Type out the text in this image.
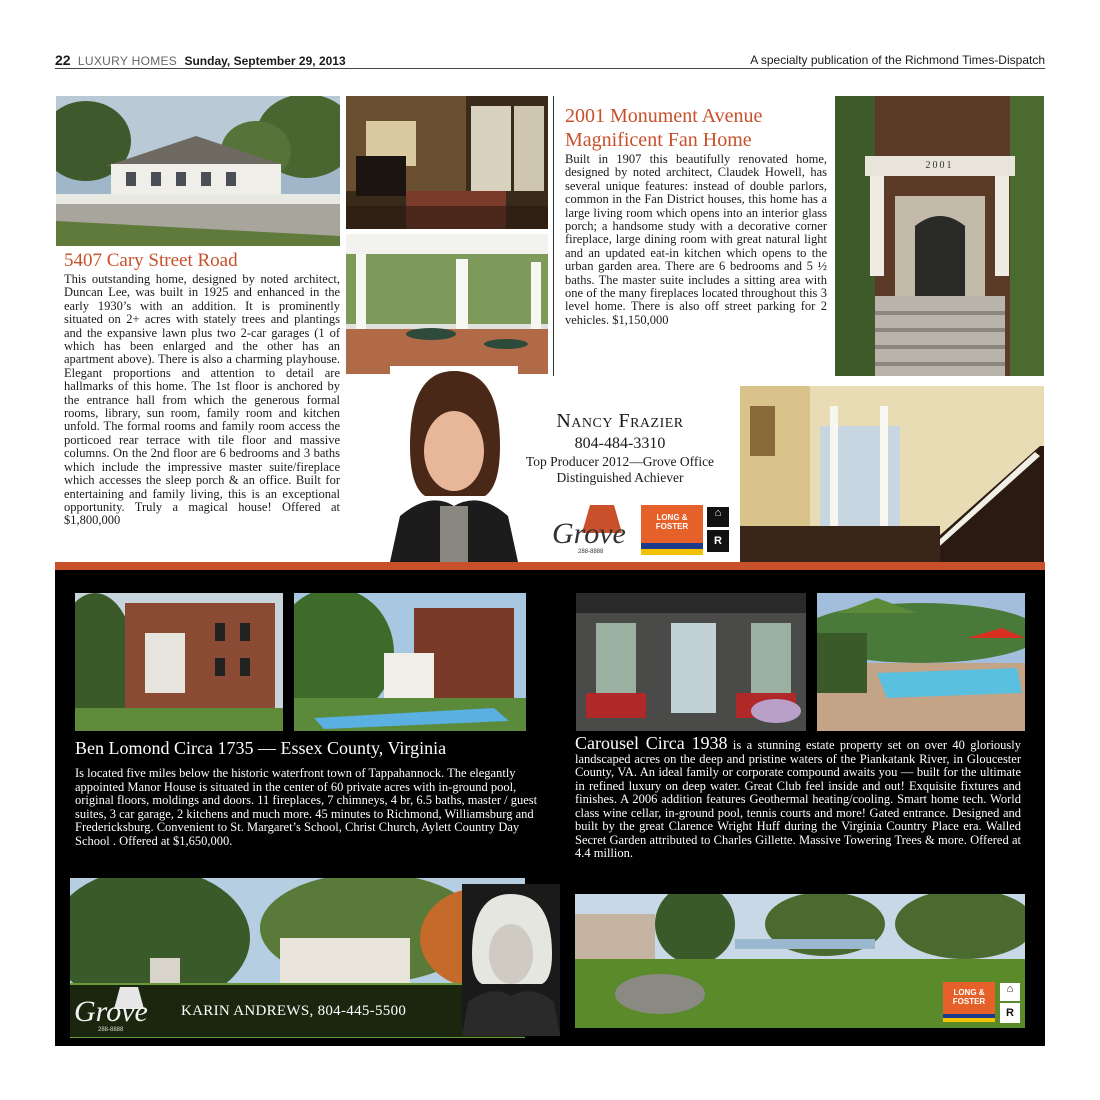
22 LUXURY HOMES Sunday, September 29, 2013	A specialty publication of the Richmond Times-Dispatch
5407 Cary Street Road

This outstanding home, designed by noted architect, Duncan Lee, was built in 1925 and enhanced in the early 1930’s with an addition. It is prominently situated on 2+ acres with stately trees and plantings and the expansive lawn plus two 2-car garages (1 of which has been enlarged and the other has an apartment above). There is also a charming playhouse. Elegant proportions and attention to detail are hallmarks of this home. The 1st floor is anchored by the entrance hall from which the generous formal rooms, library, sun room, family room and kitchen unfold. The formal rooms and family room access the porticoed rear terrace with tile floor and massive columns. On the 2nd floor are 6 bedrooms and 3 baths which include the impressive master suite/fireplace which accesses the sleep porch & an office. Built for entertaining and family living, this is an exceptional opportunity. Truly a magical house! Offered at $1,800,000

2001 Monument Avenue
Magnificent Fan Home

Built in 1907 this beautifully renovated home, designed by noted architect, Claudek Howell, has several unique features: instead of double parlors, common in the Fan District houses, this home has a large living room which opens into an interior glass porch; a handsome study with a decorative corner fireplace, large dining room with great natural light and an updated eat-in kitchen which opens to the urban garden area. There are 6 bedrooms and 5 ½ baths. The master suite includes a sitting area with one of the many fireplaces located throughout this 3 level home. There is also off street parking for 2 vehicles. $1,150,000

2001
Nancy Frazier
804-484-3310
Top Producer 2012—Grove Office
Distinguished Achiever
Grove
288-8888
LONG &
FOSTER
⌂
R
Ben Lomond Circa 1735 — Essex County, Virginia

Is located five miles below the historic waterfront town of Tappahannock. The elegantly appointed Manor House is situated in the center of 60 private acres with in-ground pool, original floors, moldings and doors. 11 fireplaces, 7 chimneys, 4 br, 6.5 baths, master / guest suites, 3 car garage, 2 kitchens and much more. 45 minutes to Richmond, Williamsburg and Fredericksburg. Convenient to St. Margaret’s School, Christ Church, Aylett Country Day School . Offered at $1,650,000.

Carousel Circa 1938 is a stunning estate property set on over 40 gloriously landscaped acres on the deep and pristine waters of the Piankatank River, in Gloucester County, VA. An ideal family or corporate compound awaits you — built for the ultimate in refined luxury on deep water. Great Club feel inside and out! Exquisite fixtures and finishes. A 2006 addition features Geothermal heating/cooling. Smart home tech. World class wine cellar, in-ground pool, tennis courts and more! Gated entrance. Designed and built by the great Clarence Wright Huff during the Virginia Country Place era. Walled Secret Garden attributed to Charles Gillette. Massive Towering Trees & more. Offered at 4.4 million.

Grove
288-8888
KARIN ANDREWS, 804-445-5500
LONG &
FOSTER
⌂
R
